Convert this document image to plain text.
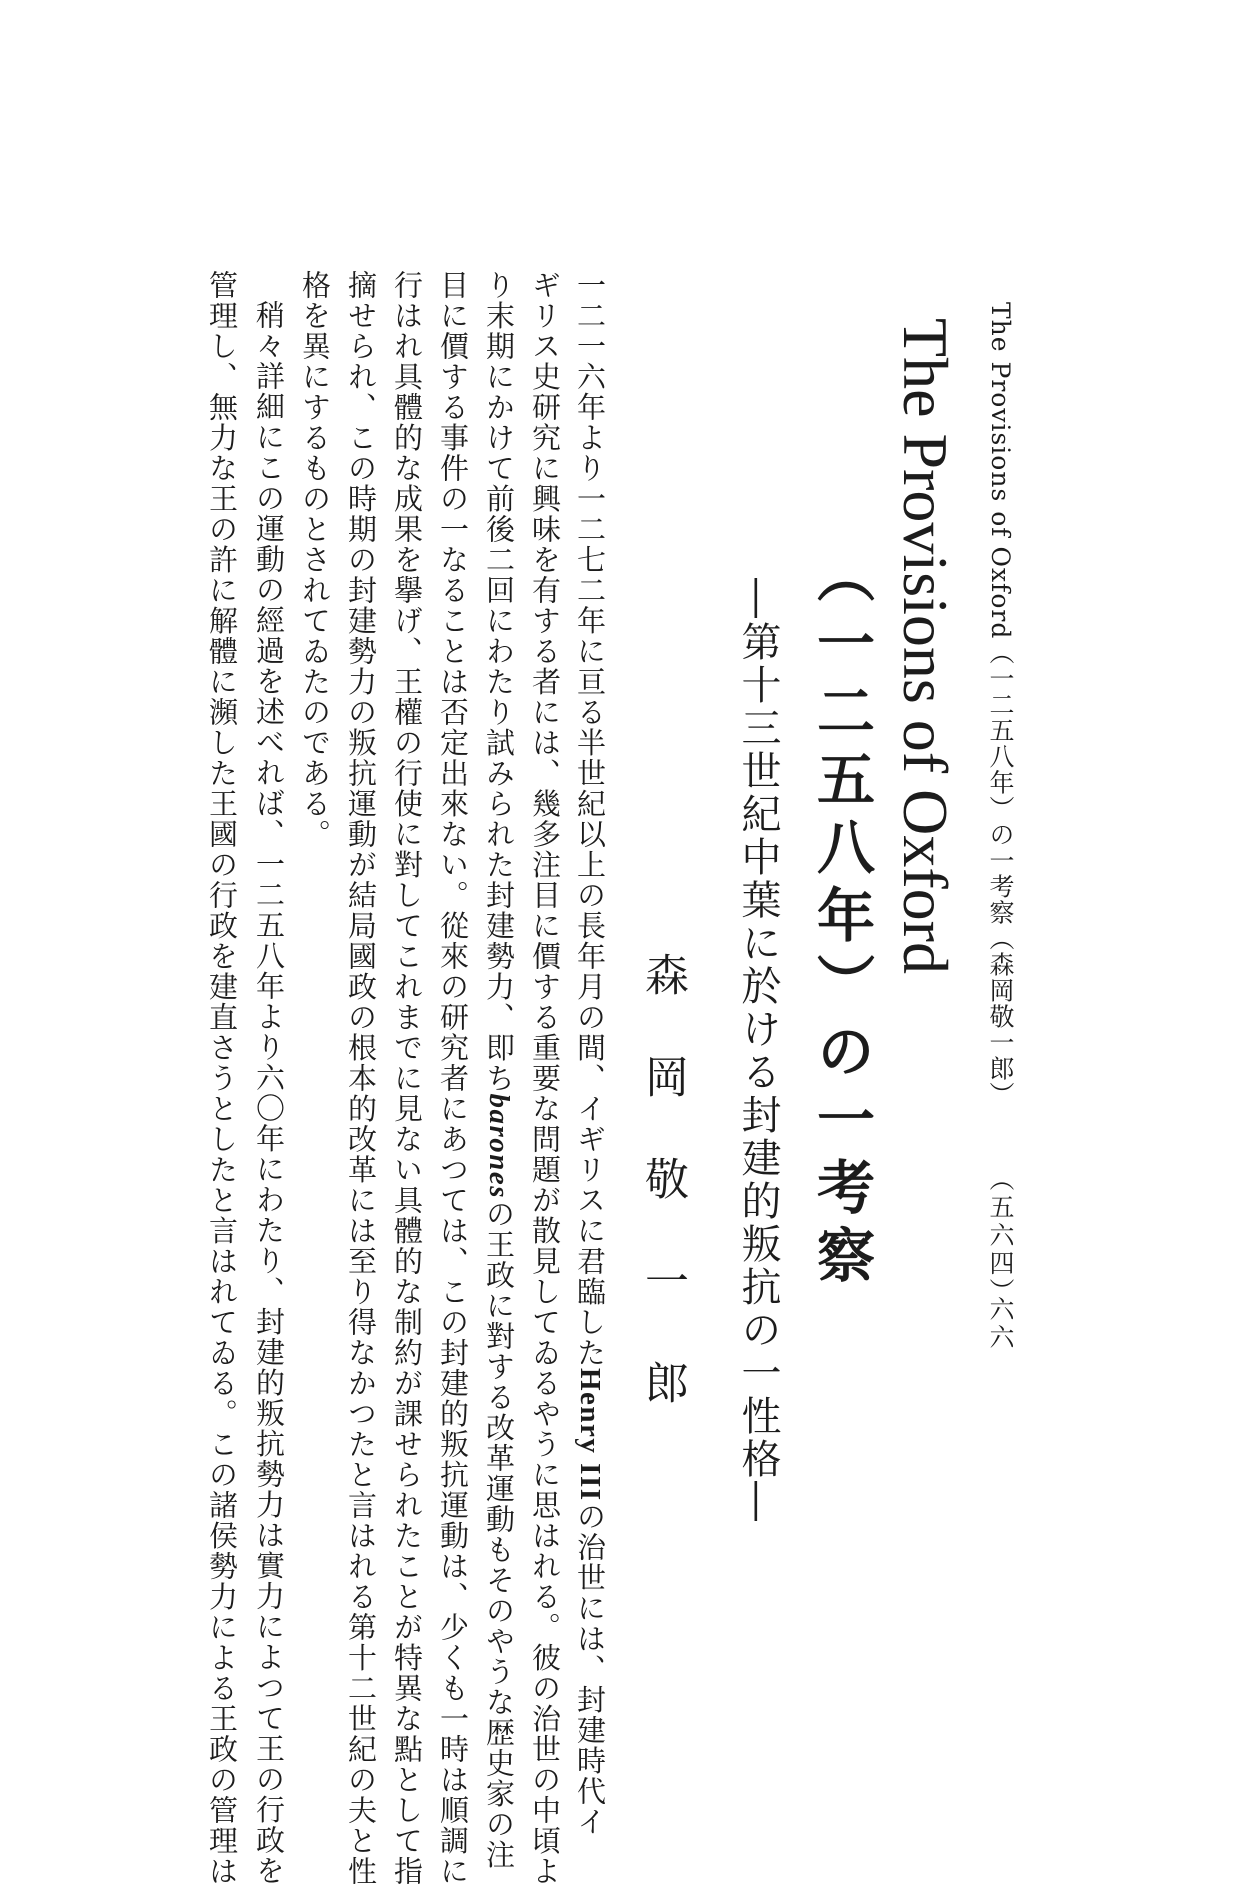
The Provisions of Oxford（一二五八年）の一考察（森岡敬一郎）
（五六四）
六六
The Provisions of Oxford
（一二五八年）の一考察
―第十三世紀中葉に於ける封建的叛抗の一性格―
森岡敬一郎
一二一六年より一二七二年に亘る半世紀以上の長年月の間、イギリスに君臨したHenry IIIの治世には、封建時代イ
ギリス史研究に興味を有する者には、幾多注目に價する重要な問題が散見してゐるやうに思はれる。彼の治世の中頃よ
り末期にかけて前後二回にわたり試みられた封建勢力、即ちbaronesの王政に對する改革運動もそのやうな歴史家の注
目に價する事件の一なることは否定出來ない。從來の研究者にあつては、この封建的叛抗運動は、少くも一時は順調に
行はれ具體的な成果を擧げ、王權の行使に對してこれまでに見ない具體的な制約が課せられたことが特異な點として指
摘せられ、この時期の封建勢力の叛抗運動が結局國政の根本的改革には至り得なかつたと言はれる第十二世紀の夫と性
格を異にするものとされてゐたのである。
稍々詳細にこの運動の經過を述べれば、一二五八年より六〇年にわたり、封建的叛抗勢力は實力によつて王の行政を
管理し、無力な王の許に解體に瀕した王國の行政を建直さうとしたと言はれてゐる。この諸侯勢力による王政の管理は
